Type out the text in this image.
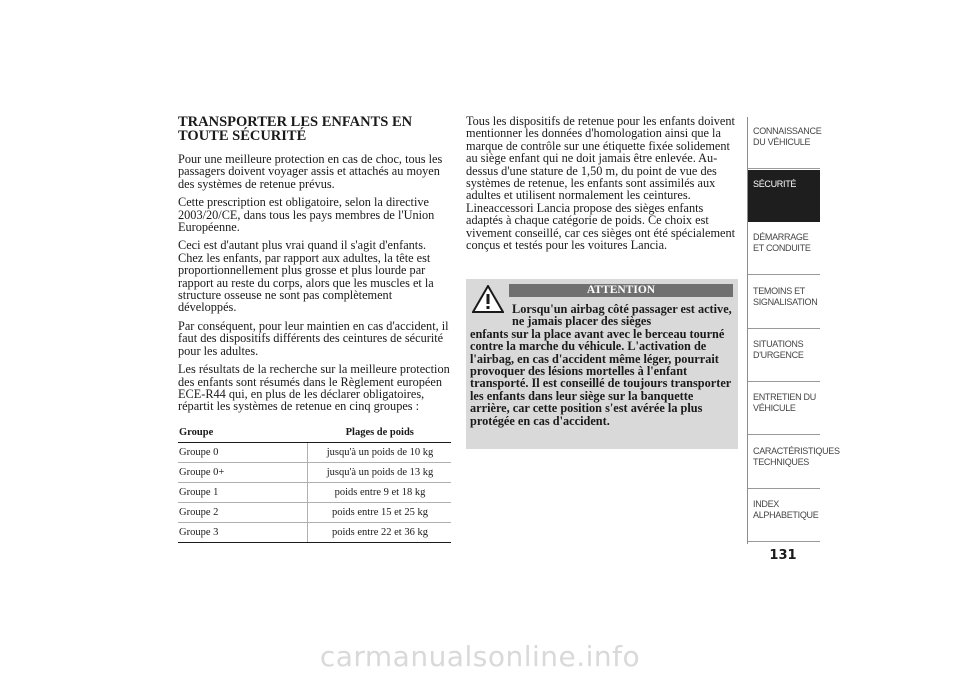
TRANSPORTER LES ENFANTS EN TOUTE SÉCURITÉ

Pour une meilleure protection en cas de choc, tous les passagers doivent voyager assis et attachés au moyen des systèmes de retenue prévus.

Cette prescription est obligatoire, selon la directive 2003/20/CE, dans tous les pays membres de l'Union Européenne.

Ceci est d'autant plus vrai quand il s'agit d'enfants. Chez les enfants, par rapport aux adultes, la tête est proportionnellement plus grosse et plus lourde par rapport au reste du corps, alors que les muscles et la structure osseuse ne sont pas complètement développés.

Par conséquent, pour leur maintien en cas d'accident, il faut des dispositifs différents des ceintures de sécurité pour les adultes.

Les résultats de la recherche sur la meilleure protection des enfants sont résumés dans le Règlement européen ECE-R44 qui, en plus de les déclarer obligatoires, répartit les systèmes de retenue en cinq groupes :

Groupe	Plages de poids
Groupe 0	jusqu'à un poids de 10 kg
Groupe 0+	jusqu'à un poids de 13 kg
Groupe 1	poids entre 9 et 18 kg
Groupe 2	poids entre 15 et 25 kg
Groupe 3	poids entre 22 et 36 kg

Tous les dispositifs de retenue pour les enfants doivent mentionner les données d'homologation ainsi que la marque de contrôle sur une étiquette fixée solidement au siège enfant qui ne doit jamais être enlevée. Au-dessus d'une stature de 1,50 m, du point de vue des systèmes de retenue, les enfants sont assimilés aux adultes et utilisent normalement les ceintures. Lineaccessori Lancia propose des sièges enfants adaptés à chaque catégorie de poids. Ce choix est vivement conseillé, car ces sièges ont été spécialement conçus et testés pour les voitures Lancia.

ATTENTION

Lorsqu'un airbag côté passager est active, ne jamais placer des sièges
enfants sur la place avant avec le berceau tourné contre la marche du véhicule. L'activation de l'airbag, en cas d'accident même léger, pourrait provoquer des lésions mortelles à l'enfant transporté. Il est conseillé de toujours transporter les enfants dans leur siège sur la banquette arrière, car cette position s'est avérée la plus protégée en cas d'accident.

CONNAISSANCE DU VÉHICULE
SÉCURITÉ
DÉMARRAGE ET CONDUITE
TEMOINS ET SIGNALISATION
SITUATIONS D'URGENCE
ENTRETIEN DU VÉHICULE
CARACTÉRISTIQUES TECHNIQUES
INDEX ALPHABETIQUE
131
carmanualsonline.info
